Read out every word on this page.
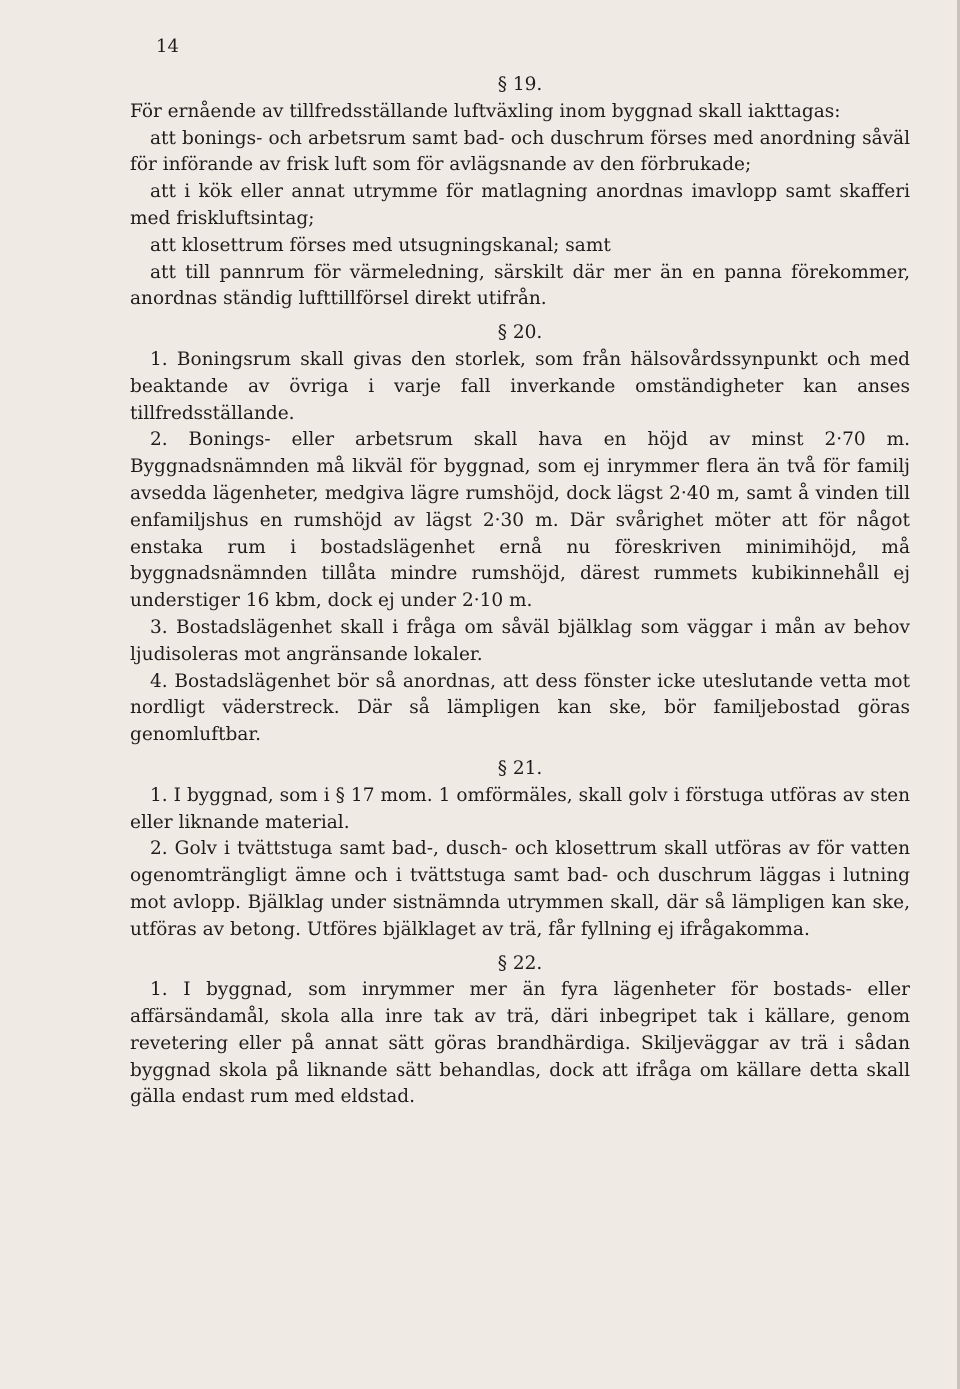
14
§ 19.

För ernående av tillfredsställande luftväxling inom byggnad skall iakttagas:

att bonings- och arbetsrum samt bad- och duschrum förses med anordning såväl för införande av frisk luft som för avlägsnande av den förbrukade;

att i kök eller annat utrymme för matlagning anordnas imavlopp samt skafferi med friskluftsintag;

att klosettrum förses med utsugningskanal; samt

att till pannrum för värmeledning, särskilt där mer än en panna förekommer, anordnas ständig lufttillförsel direkt utifrån.

§ 20.

1. Boningsrum skall givas den storlek, som från hälsovårdssynpunkt och med beaktande av övriga i varje fall inverkande omständigheter kan anses tillfredsställande.

2. Bonings- eller arbetsrum skall hava en höjd av minst 2·70 m. Byggnadsnämnden må likväl för byggnad, som ej inrymmer flera än två för familj avsedda lägenheter, medgiva lägre rumshöjd, dock lägst 2·40 m, samt å vinden till enfamiljshus en rumshöjd av lägst 2·30 m. Där svårighet möter att för något enstaka rum i bostadslägenhet ernå nu föreskriven minimihöjd, må byggnadsnämnden tillåta mindre rumshöjd, därest rummets kubikinnehåll ej understiger 16 kbm, dock ej under 2·10 m.

3. Bostadslägenhet skall i fråga om såväl bjälklag som väggar i mån av behov ljudisoleras mot angränsande lokaler.

4. Bostadslägenhet bör så anordnas, att dess fönster icke uteslutande vetta mot nordligt väderstreck. Där så lämpligen kan ske, bör familjebostad göras genomluftbar.

§ 21.

1. I byggnad, som i § 17 mom. 1 omförmäles, skall golv i förstuga utföras av sten eller liknande material.

2. Golv i tvättstuga samt bad-, dusch- och klosettrum skall utföras av för vatten ogenomträngligt ämne och i tvättstuga samt bad- och duschrum läggas i lutning mot avlopp. Bjälklag under sistnämnda utrymmen skall, där så lämpligen kan ske, utföras av betong. Utföres bjälklaget av trä, får fyllning ej ifrågakomma.

§ 22.

1. I byggnad, som inrymmer mer än fyra lägenheter för bostads- eller affärsändamål, skola alla inre tak av trä, däri inbegripet tak i källare, genom revetering eller på annat sätt göras brandhärdiga. Skiljeväggar av trä i sådan byggnad skola på liknande sätt behandlas, dock att ifråga om källare detta skall gälla endast rum med eldstad.
